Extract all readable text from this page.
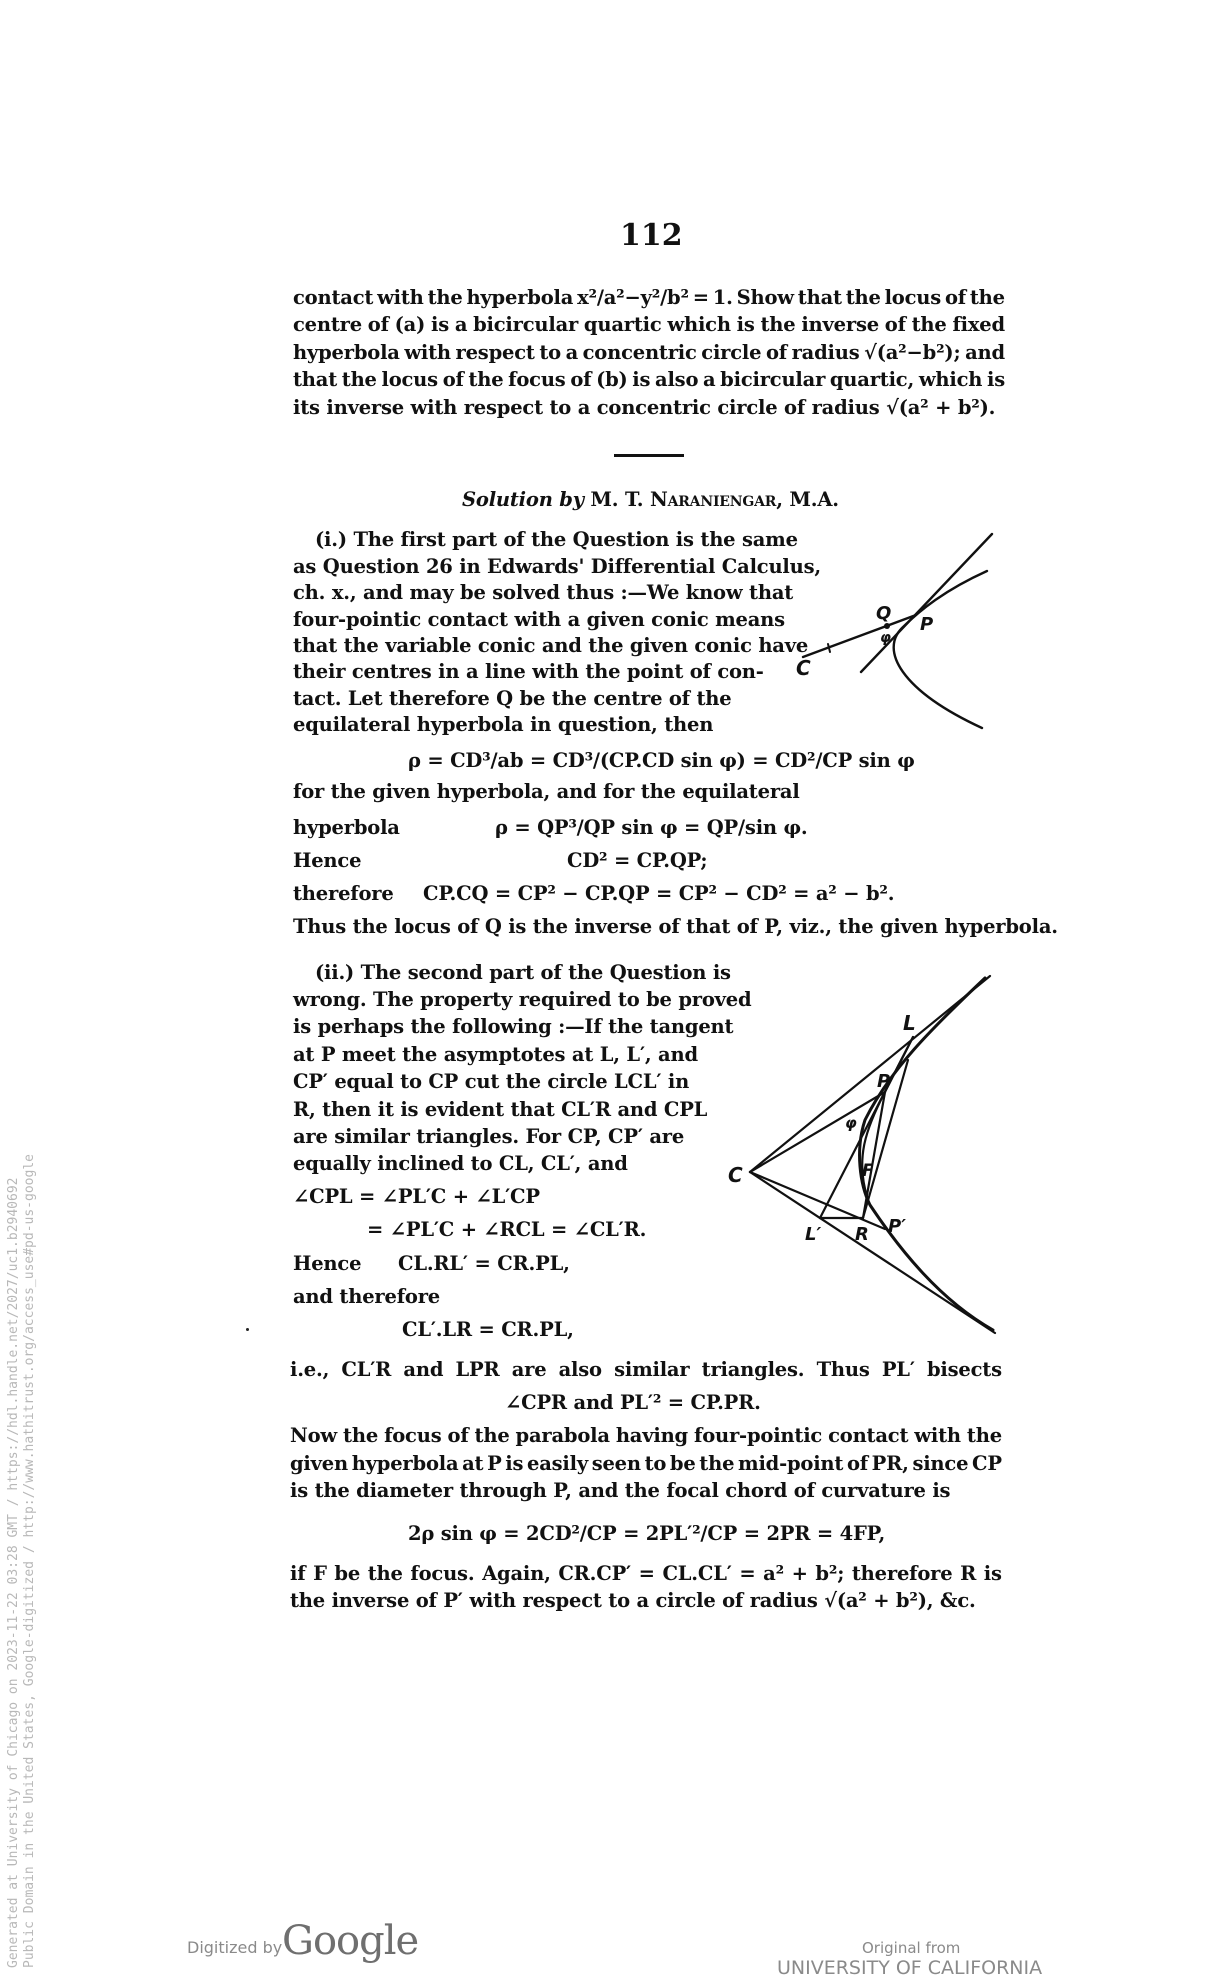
112
contact with the hyperbola x²/a²−y²/b² = 1. Show that the locus of the
centre of (a) is a bicircular quartic which is the inverse of the fixed
hyperbola with respect to a concentric circle of radius √(a²−b²); and
that the locus of the focus of (b) is also a bicircular quartic, which is
its inverse with respect to a concentric circle of radius √(a² + b²).
Solution by M. T. Naraniengar, M.A.
(i.) The first part of the Question is the same
as Question 26 in Edwards' Differential Calculus,
ch. x., and may be solved thus :—We know that
four-pointic contact with a given conic means
that the variable conic and the given conic have
their centres in a line with the point of con-
tact. Let therefore Q be the centre of the
equilateral hyperbola in question, then
ρ = CD³/ab = CD³/(CP.CD sin φ) = CD²/CP sin φ
for the given hyperbola, and for the equilateral
hyperbola	ρ = QP³/QP sin φ = QP/sin φ.
Hence	CD² = CP.QP;
therefore CP.CQ = CP² − CP.QP = CP² − CD² = a² − b².
Thus the locus of Q is the inverse of that of P, viz., the given hyperbola.
C
Q
P
φ
(ii.) The second part of the Question is
wrong. The property required to be proved
is perhaps the following :—If the tangent
at P meet the asymptotes at L, L′, and
CP′ equal to CP cut the circle LCL′ in
R, then it is evident that CL′R and CPL
are similar triangles. For CP, CP′ are
equally inclined to CL, CL′, and
∠CPL = ∠PL′C + ∠L′CP
= ∠PL′C + ∠RCL = ∠CL′R.
Hence CL.RL′ = CR.PL,
and therefore
CL′.LR = CR.PL,
i.e., CL′R and LPR are also similar triangles. Thus PL′ bisects
∠CPR and PL′² = CP.PR.
Now the focus of the parabola having four-pointic contact with the
given hyperbola at P is easily seen to be the mid-point of PR, since CP
is the diameter through P, and the focal chord of curvature is
2ρ sin φ = 2CD²/CP = 2PL′²/CP = 2PR = 4FP,
if F be the focus. Again, CR.CP′ = CL.CL′ = a² + b²; therefore R is
the inverse of P′ with respect to a circle of radius √(a² + b²), &c.
C
L
P
φ
F
L′ R P′
Generated at University of Chicago on 2023-11-22 03:28 GMT / https://hdl.handle.net/2027/uc1.b2940692 Public Domain in the United States, Google-digitized / http://www.hathitrust.org/access_use#pd-us-google	Digitized by Google	Original from
UNIVERSITY OF CALIFORNIA
